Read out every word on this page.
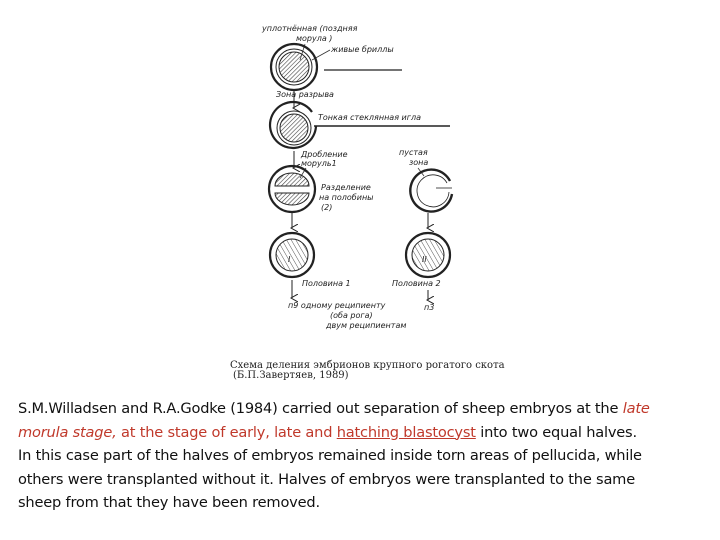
уплотнённая (поздняя
морула )
живые бриллы
Зона разрыва
Тонкая стеклянная игла
Дробление
моруль1
пустая
зона
Разделение
на полобины
(2)
I	II
Половина 1	Половина 2
п9 одному реципиенту
(оба рога)
двум реципиентам
п3
Схема деления эмбрионов крупного рогатого скота
(Б.П.Завертяев, 1989)
S.M.Willadsen and R.A.Godke (1984) carried out separation of sheep embryos at the late
morula stage, at the stage of early, late and hatching blastocyst into two equal halves.
In this case part of the halves of embryos remained inside torn areas of pellucida, while
others were transplanted without it. Halves of embryos were transplanted to the same
sheep from that they have been removed.
